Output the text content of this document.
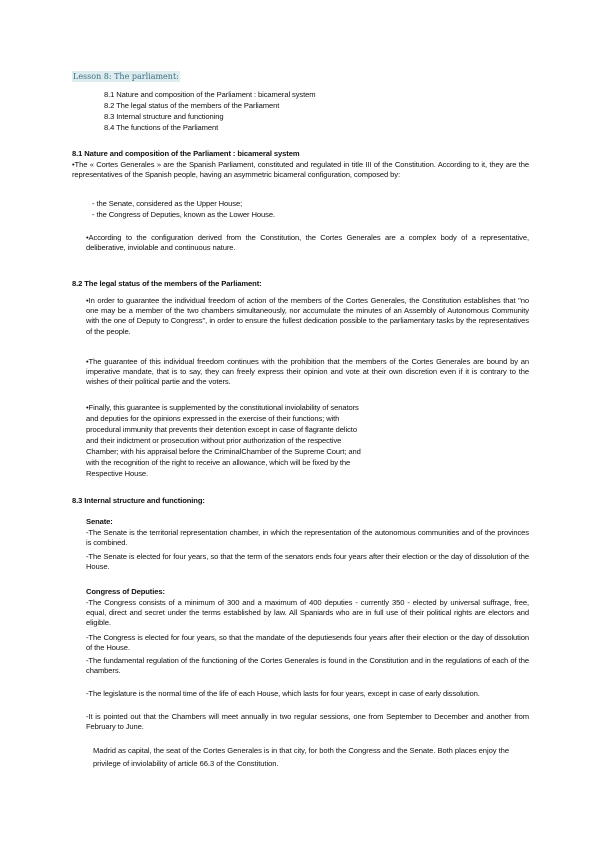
Lesson 8: The parliament:
8.1 Nature and composition of the Parliament : bicameral system
8.2 The legal status of the members of the Parliament
8.3 Internal structure and functioning
8.4 The functions of the Parliament
8.1 Nature and composition of the Parliament : bicameral system
•The « Cortes Generales » are the Spanish Parliament, constituted and regulated in title III of the Constitution. According to it, they are the representatives of the Spanish people, having an asymmetric bicameral configuration, composed by:
- the Senate, considered as the Upper House;
- the Congress of Deputies, known as the Lower House.
•According to the configuration derived from the Constitution, the Cortes Generales are a complex body of a representative, deliberative, inviolable and continuous nature.
8.2 The legal status of the members of the Parliament:
•In order to guarantee the individual freedom of action of the members of the Cortes Generales, the Constitution establishes that "no one may be a member of the two chambers simultaneously, nor accumulate the minutes of an Assembly of Autonomous Community with the one of Deputy to Congress", in order to ensure the fullest dedication possible to the parliamentary tasks by the representatives of the people.
•The guarantee of this individual freedom continues with the prohibition that the members of the Cortes Generales are bound by an imperative mandate, that is to say, they can freely express their opinion and vote at their own discretion even if it is contrary to the wishes of their political partie and the voters.
•Finally, this guarantee is supplemented by the constitutional inviolability of senators
and deputies for the opinions expressed in the exercise of their functions; with
procedural immunity that prevents their detention except in case of flagrante delicto
and their indictment or prosecution without prior authorization of the respective
Chamber; with his appraisal before the CriminalChamber of the Supreme Court; and
with the recognition of the right to receive an allowance, which will be fixed by the
Respective House.
8.3 Internal structure and functioning:
Senate:
-The Senate is the territorial representation chamber, in which the representation of the autonomous communities and of the provinces is combined.
-The Senate is elected for four years, so that the term of the senators ends four years after their election or the day of dissolution of the House.
Congress of Deputies:
-The Congress consists of a minimum of 300 and a maximum of 400 deputies - currently 350 - elected by universal suffrage, free, equal, direct and secret under the terms established by law. All Spaniards who are in full use of their political rights are electors and eligible.
-The Congress is elected for four years, so that the mandate of the deputiesends four years after their election or the day of dissolution of the House.
-The fundamental regulation of the functioning of the Cortes Generales is found in the Constitution and in the regulations of each of the chambers.
-The legislature is the normal time of the life of each House, which lasts for four years, except in case of early dissolution.
-It is pointed out that the Chambers will meet annually in two regular sessions, one from September to December and another from February to June.
Madrid as capital, the seat of the Cortes Generales is in that city, for both the Congress and the Senate. Both places enjoy the privilege of inviolability of article 66.3 of the Constitution.
